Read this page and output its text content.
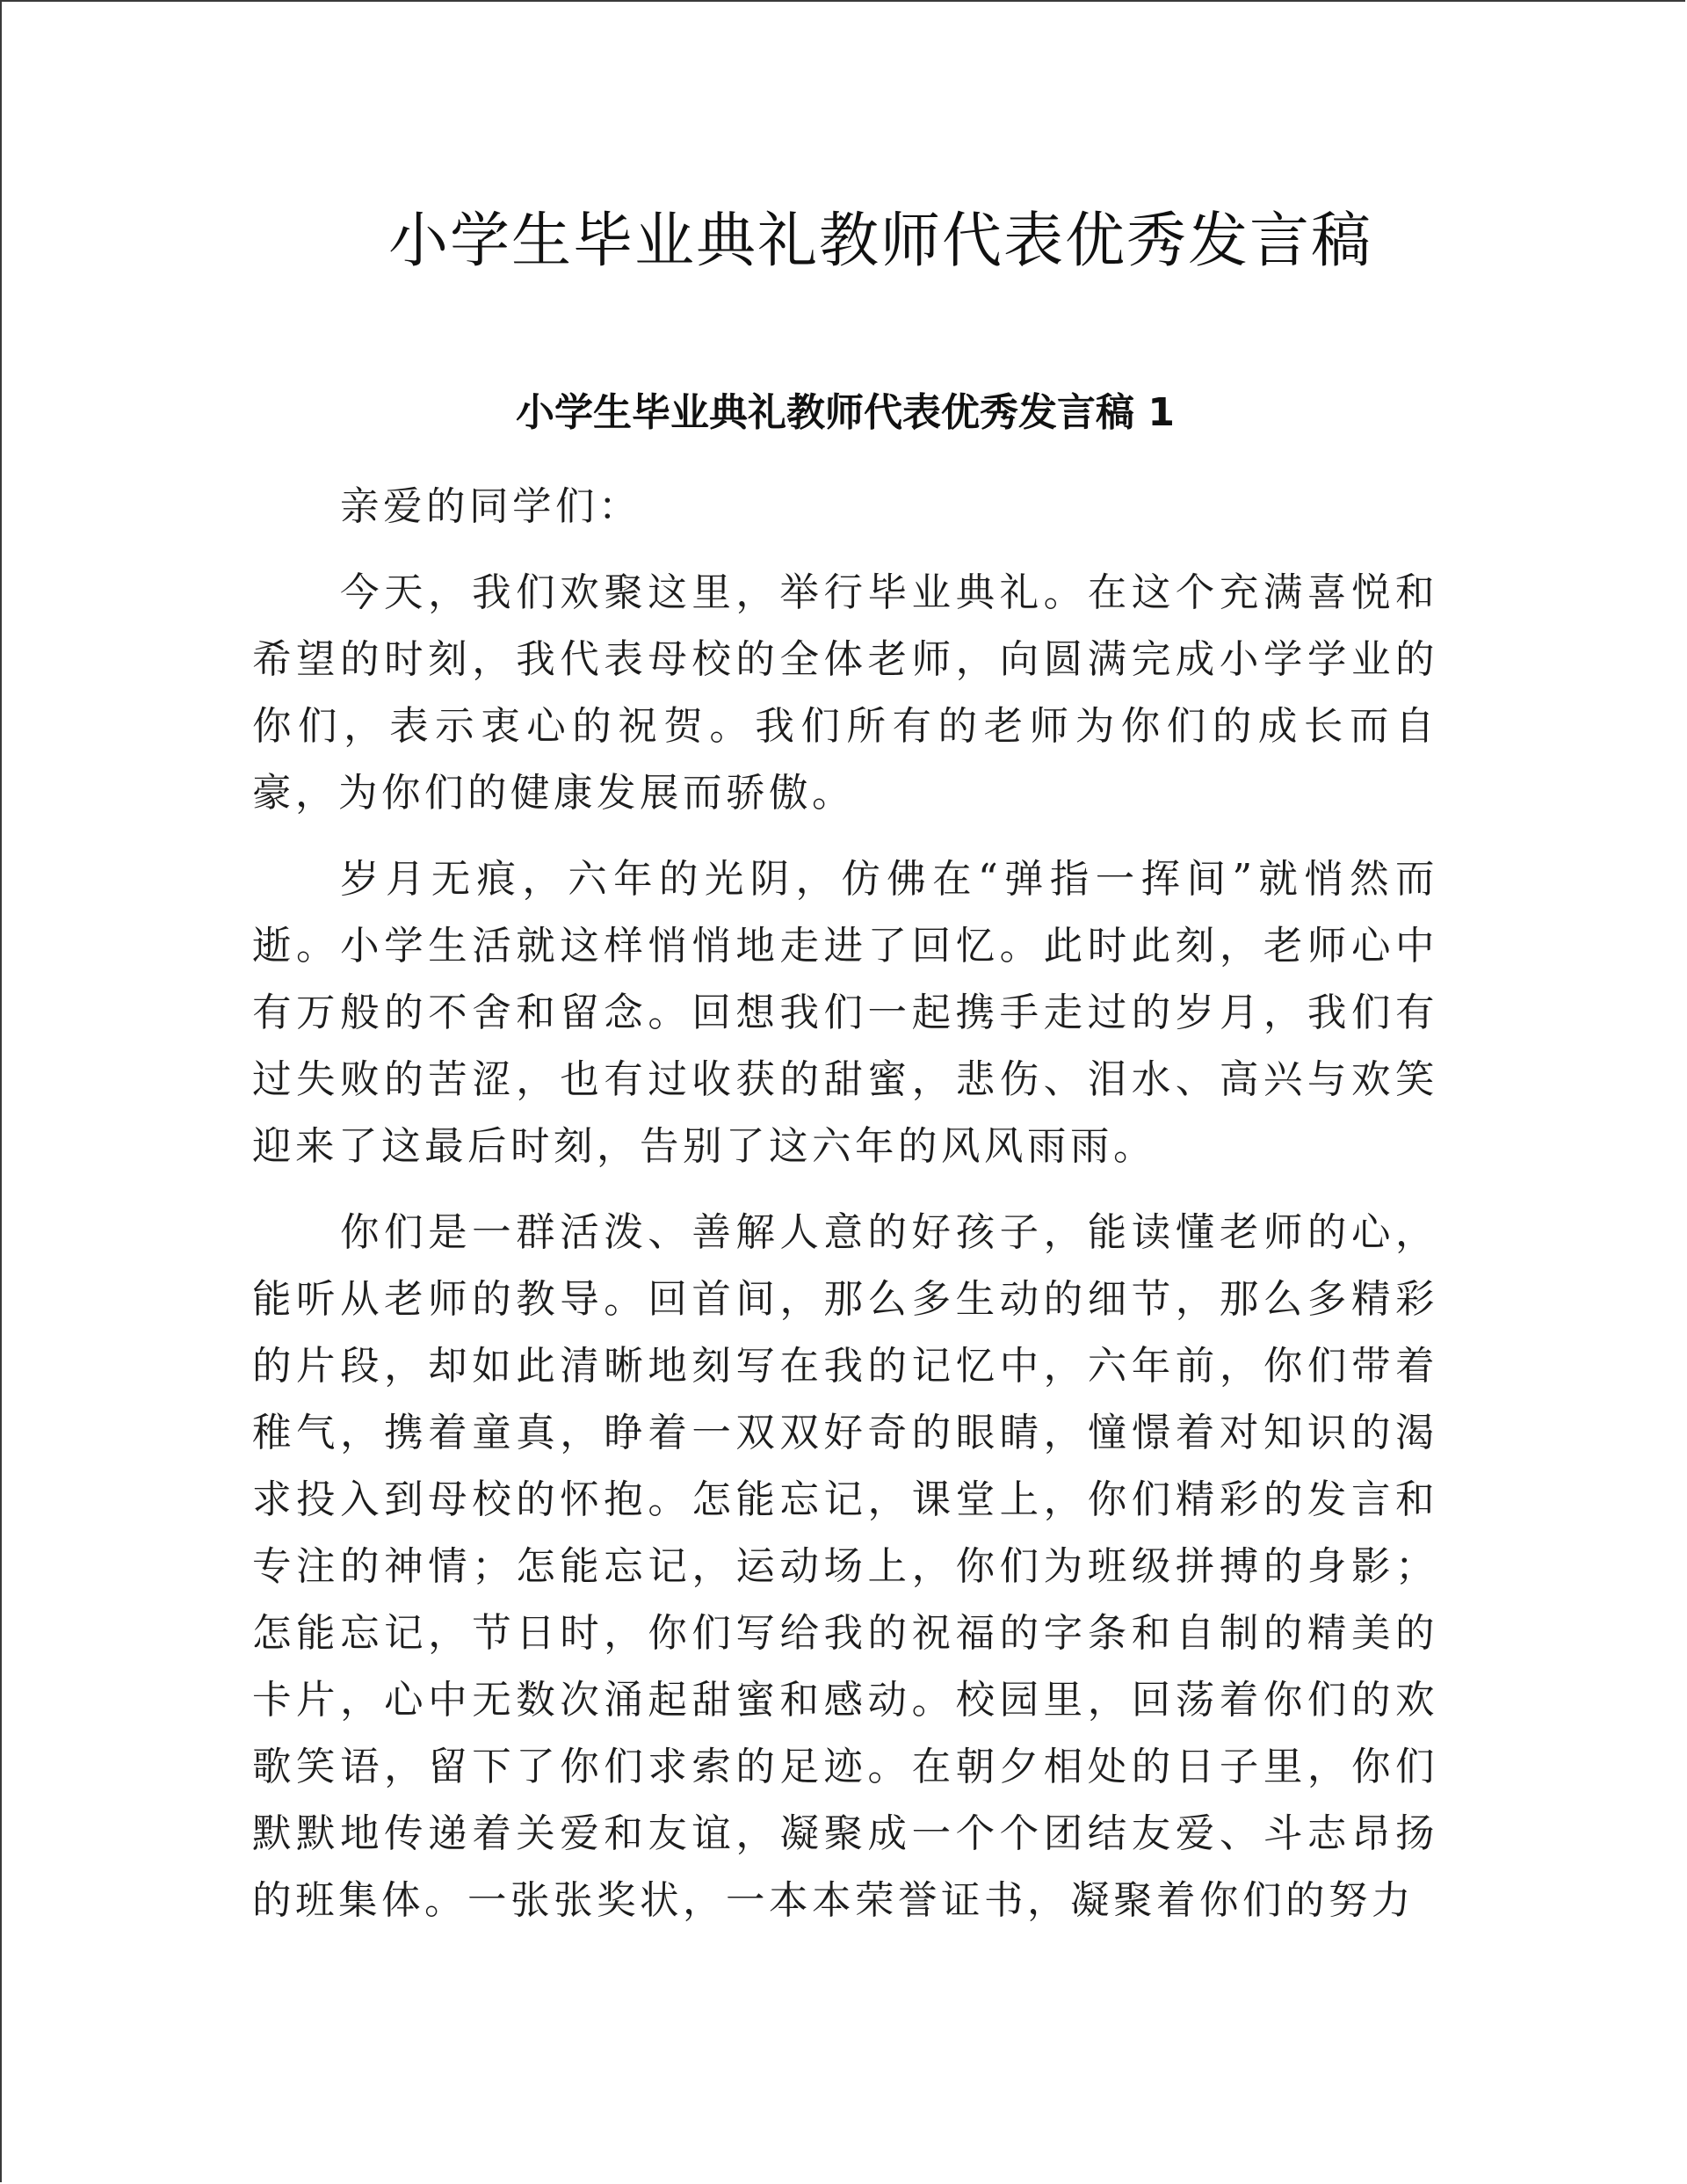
小学生毕业典礼教师代表优秀发言稿
小学生毕业典礼教师代表优秀发言稿 1

亲爱的同学们：

今天，我们欢聚这里，举行毕业典礼。在这个充满喜悦和希望的时刻，我代表母校的全体老师，向圆满完成小学学业的你们，表示衷心的祝贺。我们所有的老师为你们的成长而自豪，为你们的健康发展而骄傲。

岁月无痕，六年的光阴，仿佛在“弹指一挥间”就悄然而逝。小学生活就这样悄悄地走进了回忆。此时此刻，老师心中有万般的不舍和留念。回想我们一起携手走过的岁月，我们有过失败的苦涩，也有过收获的甜蜜，悲伤、泪水、高兴与欢笑迎来了这最后时刻，告别了这六年的风风雨雨。

你们是一群活泼、善解人意的好孩子，能读懂老师的心，能听从老师的教导。回首间，那么多生动的细节，那么多精彩的片段，却如此清晰地刻写在我的记忆中，六年前，你们带着稚气，携着童真，睁着一双双好奇的眼睛，憧憬着对知识的渴求投入到母校的怀抱。怎能忘记，课堂上，你们精彩的发言和专注的神情；怎能忘记，运动场上，你们为班级拼搏的身影；怎能忘记，节日时，你们写给我的祝福的字条和自制的精美的卡片，心中无数次涌起甜蜜和感动。校园里，回荡着你们的欢歌笑语，留下了你们求索的足迹。在朝夕相处的日子里，你们默默地传递着关爱和友谊，凝聚成一个个团结友爱、斗志昂扬的班集体。一张张奖状，一本本荣誉证书，凝聚着你们的努力
